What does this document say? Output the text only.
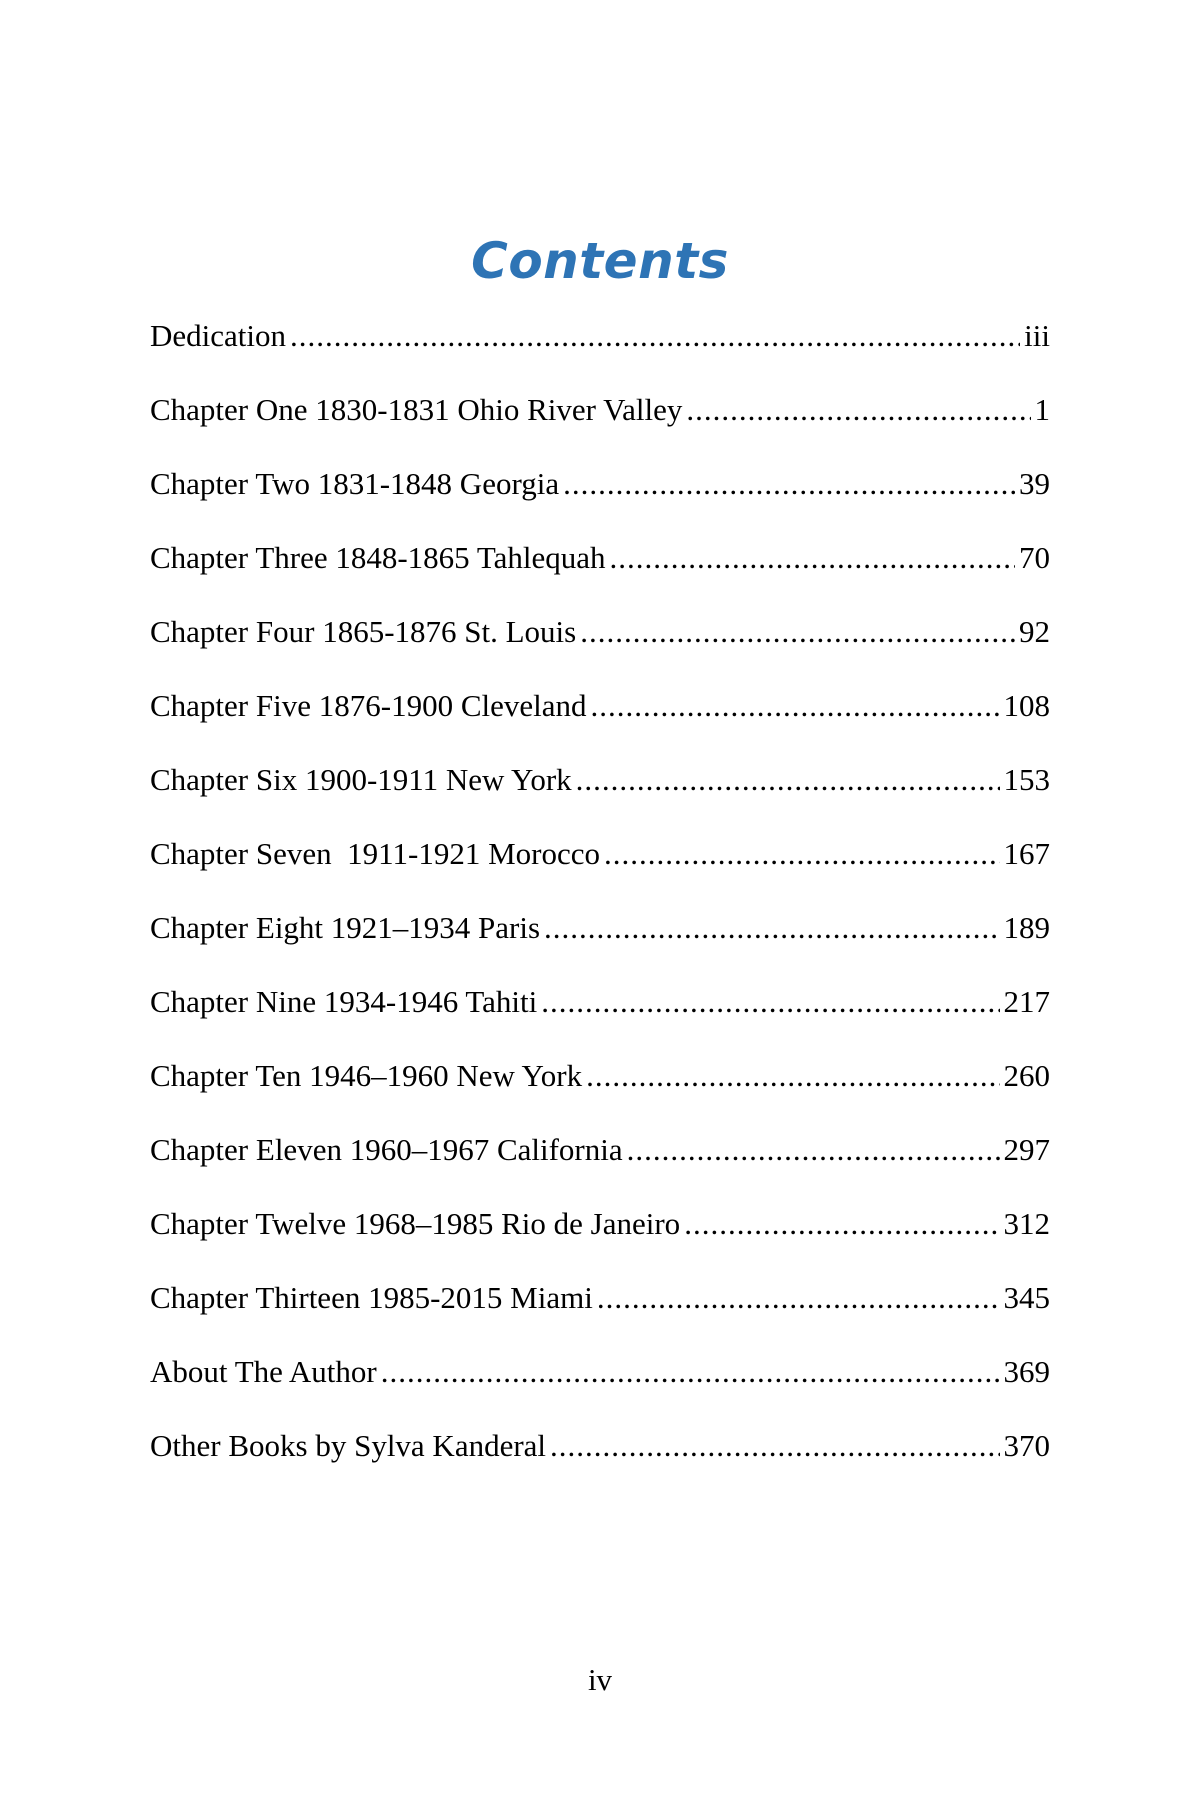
Contents
Dedication .....	iii
Chapter One 1830-1831 Ohio River Valley .....	1
Chapter Two 1831-1848 Georgia .....	39
Chapter Three 1848-1865 Tahlequah .....	70
Chapter Four 1865-1876 St. Louis .....	92
Chapter Five 1876-1900 Cleveland .....	108
Chapter Six 1900-1911 New York .....	153
Chapter Seven  1911-1921 Morocco .....	167
Chapter Eight 1921–1934 Paris .....	189
Chapter Nine 1934-1946 Tahiti .....	217
Chapter Ten 1946–1960 New York .....	260
Chapter Eleven 1960–1967 California .....	297
Chapter Twelve 1968–1985 Rio de Janeiro .....	312
Chapter Thirteen 1985-2015 Miami .....	345
About The Author .....	369
Other Books by Sylva Kanderal .....	370
iv
